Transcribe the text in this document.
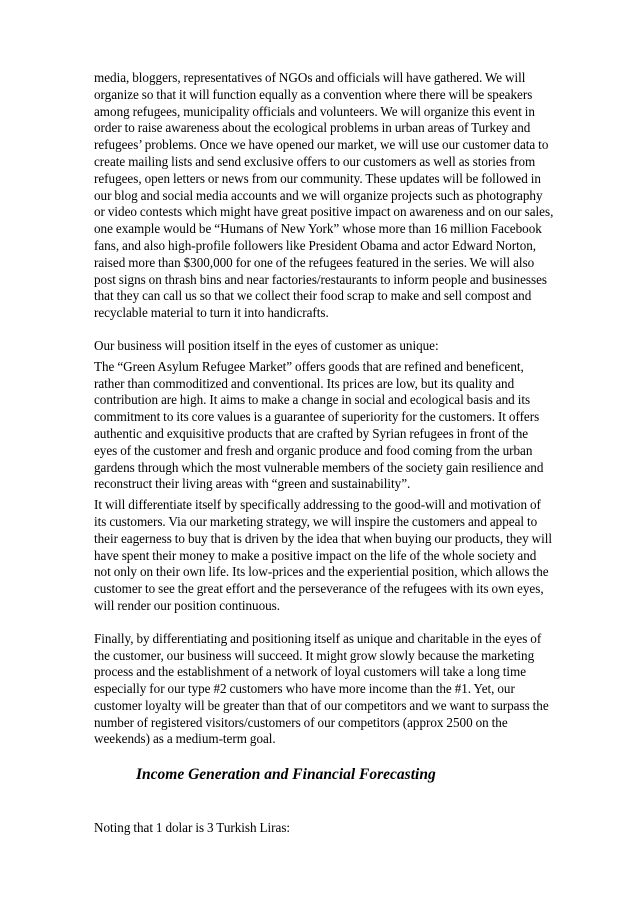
media, bloggers, representatives of NGOs and officials will have gathered. We will organize so that it will function equally as a convention where there will be speakers among refugees, municipality officials and volunteers. We will organize this event in order to raise awareness about the ecological problems in urban areas of Turkey and refugees’ problems. Once we have opened our market, we will use our customer data to create mailing lists and send exclusive offers to our customers as well as stories from refugees, open letters or news from our community. These updates will be followed in our blog and social media accounts and we will organize projects such as photography or video contests which might have great positive impact on awareness and on our sales, one example would be “Humans of New York” whose more than 16 million Facebook fans, and also high-profile followers like President Obama and actor Edward Norton, raised more than $300,000 for one of the refugees featured in the series. We will also post signs on thrash bins and near factories/restaurants to inform people and businesses that they can call us so that we collect their food scrap to make and sell compost and recyclable material to turn it into handicrafts.

Our business will position itself in the eyes of customer as unique:

The “Green Asylum Refugee Market” offers goods that are refined and beneficent, rather than commoditized and conventional. Its prices are low, but its quality and contribution are high. It aims to make a change in social and ecological basis and its commitment to its core values is a guarantee of superiority for the customers. It offers authentic and exquisitive products that are crafted by Syrian refugees in front of the eyes of the customer and fresh and organic produce and food coming from the urban gardens through which the most vulnerable members of the society gain resilience and reconstruct their living areas with “green and sustainability”.

It will differentiate itself by specifically addressing to the good-will and motivation of its customers. Via our marketing strategy, we will inspire the customers and appeal to their eagerness to buy that is driven by the idea that when buying our products, they will have spent their money to make a positive impact on the life of the whole society and not only on their own life. Its low-prices and the experiential position, which allows the customer to see the great effort and the perseverance of the refugees with its own eyes, will render our position continuous.

Finally, by differentiating and positioning itself as unique and charitable in the eyes of the customer, our business will succeed. It might grow slowly because the marketing process and the establishment of a network of loyal customers will take a long time especially for our type #2 customers who have more income than the #1. Yet, our customer loyalty will be greater than that of our competitors and we want to surpass the number of registered visitors/customers of our competitors (approx 2500 on the weekends) as a medium-term goal.

Income Generation and Financial Forecasting

Noting that 1 dolar is 3 Turkish Liras:
